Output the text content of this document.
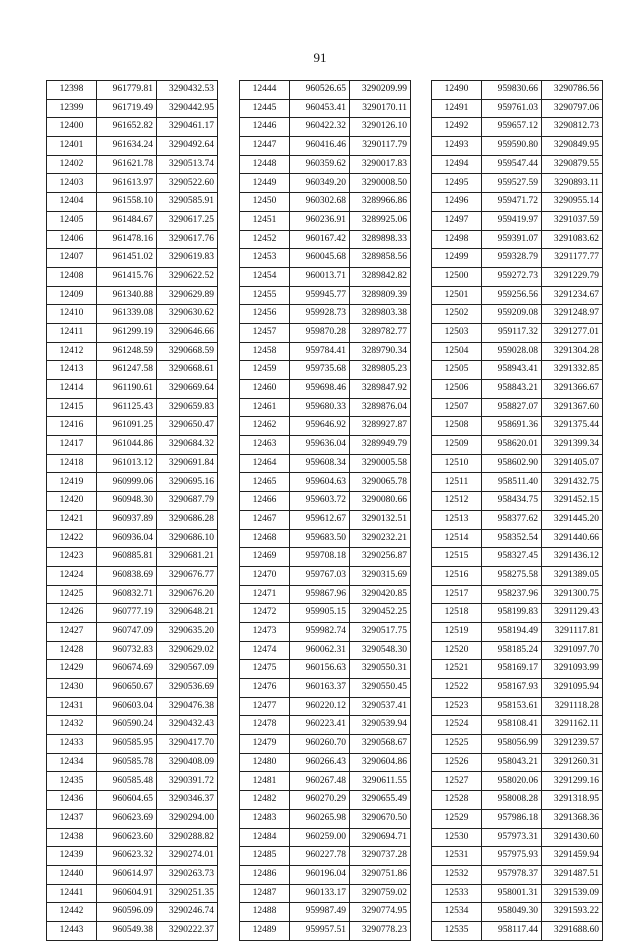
91
12398	961779.81	3290432.53
12399	961719.49	3290442.95
12400	961652.82	3290461.17
12401	961634.24	3290492.64
12402	961621.78	3290513.74
12403	961613.97	3290522.60
12404	961558.10	3290585.91
12405	961484.67	3290617.25
12406	961478.16	3290617.76
12407	961451.02	3290619.83
12408	961415.76	3290622.52
12409	961340.88	3290629.89
12410	961339.08	3290630.62
12411	961299.19	3290646.66
12412	961248.59	3290668.59
12413	961247.58	3290668.61
12414	961190.61	3290669.64
12415	961125.43	3290659.83
12416	961091.25	3290650.47
12417	961044.86	3290684.32
12418	961013.12	3290691.84
12419	960999.06	3290695.16
12420	960948.30	3290687.79
12421	960937.89	3290686.28
12422	960936.04	3290686.10
12423	960885.81	3290681.21
12424	960838.69	3290676.77
12425	960832.71	3290676.20
12426	960777.19	3290648.21
12427	960747.09	3290635.20
12428	960732.83	3290629.02
12429	960674.69	3290567.09
12430	960650.67	3290536.69
12431	960603.04	3290476.38
12432	960590.24	3290432.43
12433	960585.95	3290417.70
12434	960585.78	3290408.09
12435	960585.48	3290391.72
12436	960604.65	3290346.37
12437	960623.69	3290294.00
12438	960623.60	3290288.82
12439	960623.32	3290274.01
12440	960614.97	3290263.73
12441	960604.91	3290251.35
12442	960596.09	3290246.74
12443	960549.38	3290222.37
12444	960526.65	3290209.99
12445	960453.41	3290170.11
12446	960422.32	3290126.10
12447	960416.46	3290117.79
12448	960359.62	3290017.83
12449	960349.20	3290008.50
12450	960302.68	3289966.86
12451	960236.91	3289925.06
12452	960167.42	3289898.33
12453	960045.68	3289858.56
12454	960013.71	3289842.82
12455	959945.77	3289809.39
12456	959928.73	3289803.38
12457	959870.28	3289782.77
12458	959784.41	3289790.34
12459	959735.68	3289805.23
12460	959698.46	3289847.92
12461	959680.33	3289876.04
12462	959646.92	3289927.87
12463	959636.04	3289949.79
12464	959608.34	3290005.58
12465	959604.63	3290065.78
12466	959603.72	3290080.66
12467	959612.67	3290132.51
12468	959683.50	3290232.21
12469	959708.18	3290256.87
12470	959767.03	3290315.69
12471	959867.96	3290420.85
12472	959905.15	3290452.25
12473	959982.74	3290517.75
12474	960062.31	3290548.30
12475	960156.63	3290550.31
12476	960163.37	3290550.45
12477	960220.12	3290537.41
12478	960223.41	3290539.94
12479	960260.70	3290568.67
12480	960266.43	3290604.86
12481	960267.48	3290611.55
12482	960270.29	3290655.49
12483	960265.98	3290670.50
12484	960259.00	3290694.71
12485	960227.78	3290737.28
12486	960196.04	3290751.86
12487	960133.17	3290759.02
12488	959987.49	3290774.95
12489	959957.51	3290778.23
12490	959830.66	3290786.56
12491	959761.03	3290797.06
12492	959657.12	3290812.73
12493	959590.80	3290849.95
12494	959547.44	3290879.55
12495	959527.59	3290893.11
12496	959471.72	3290955.14
12497	959419.97	3291037.59
12498	959391.07	3291083.62
12499	959328.79	3291177.77
12500	959272.73	3291229.79
12501	959256.56	3291234.67
12502	959209.08	3291248.97
12503	959117.32	3291277.01
12504	959028.08	3291304.28
12505	958943.41	3291332.85
12506	958843.21	3291366.67
12507	958827.07	3291367.60
12508	958691.36	3291375.44
12509	958620.01	3291399.34
12510	958602.90	3291405.07
12511	958511.40	3291432.75
12512	958434.75	3291452.15
12513	958377.62	3291445.20
12514	958352.54	3291440.66
12515	958327.45	3291436.12
12516	958275.58	3291389.05
12517	958237.96	3291300.75
12518	958199.83	3291129.43
12519	958194.49	3291117.81
12520	958185.24	3291097.70
12521	958169.17	3291093.99
12522	958167.93	3291095.94
12523	958153.61	3291118.28
12524	958108.41	3291162.11
12525	958056.99	3291239.57
12526	958043.21	3291260.31
12527	958020.06	3291299.16
12528	958008.28	3291318.95
12529	957986.18	3291368.36
12530	957973.31	3291430.60
12531	957975.93	3291459.94
12532	957978.37	3291487.51
12533	958001.31	3291539.09
12534	958049.30	3291593.22
12535	958117.44	3291688.60
